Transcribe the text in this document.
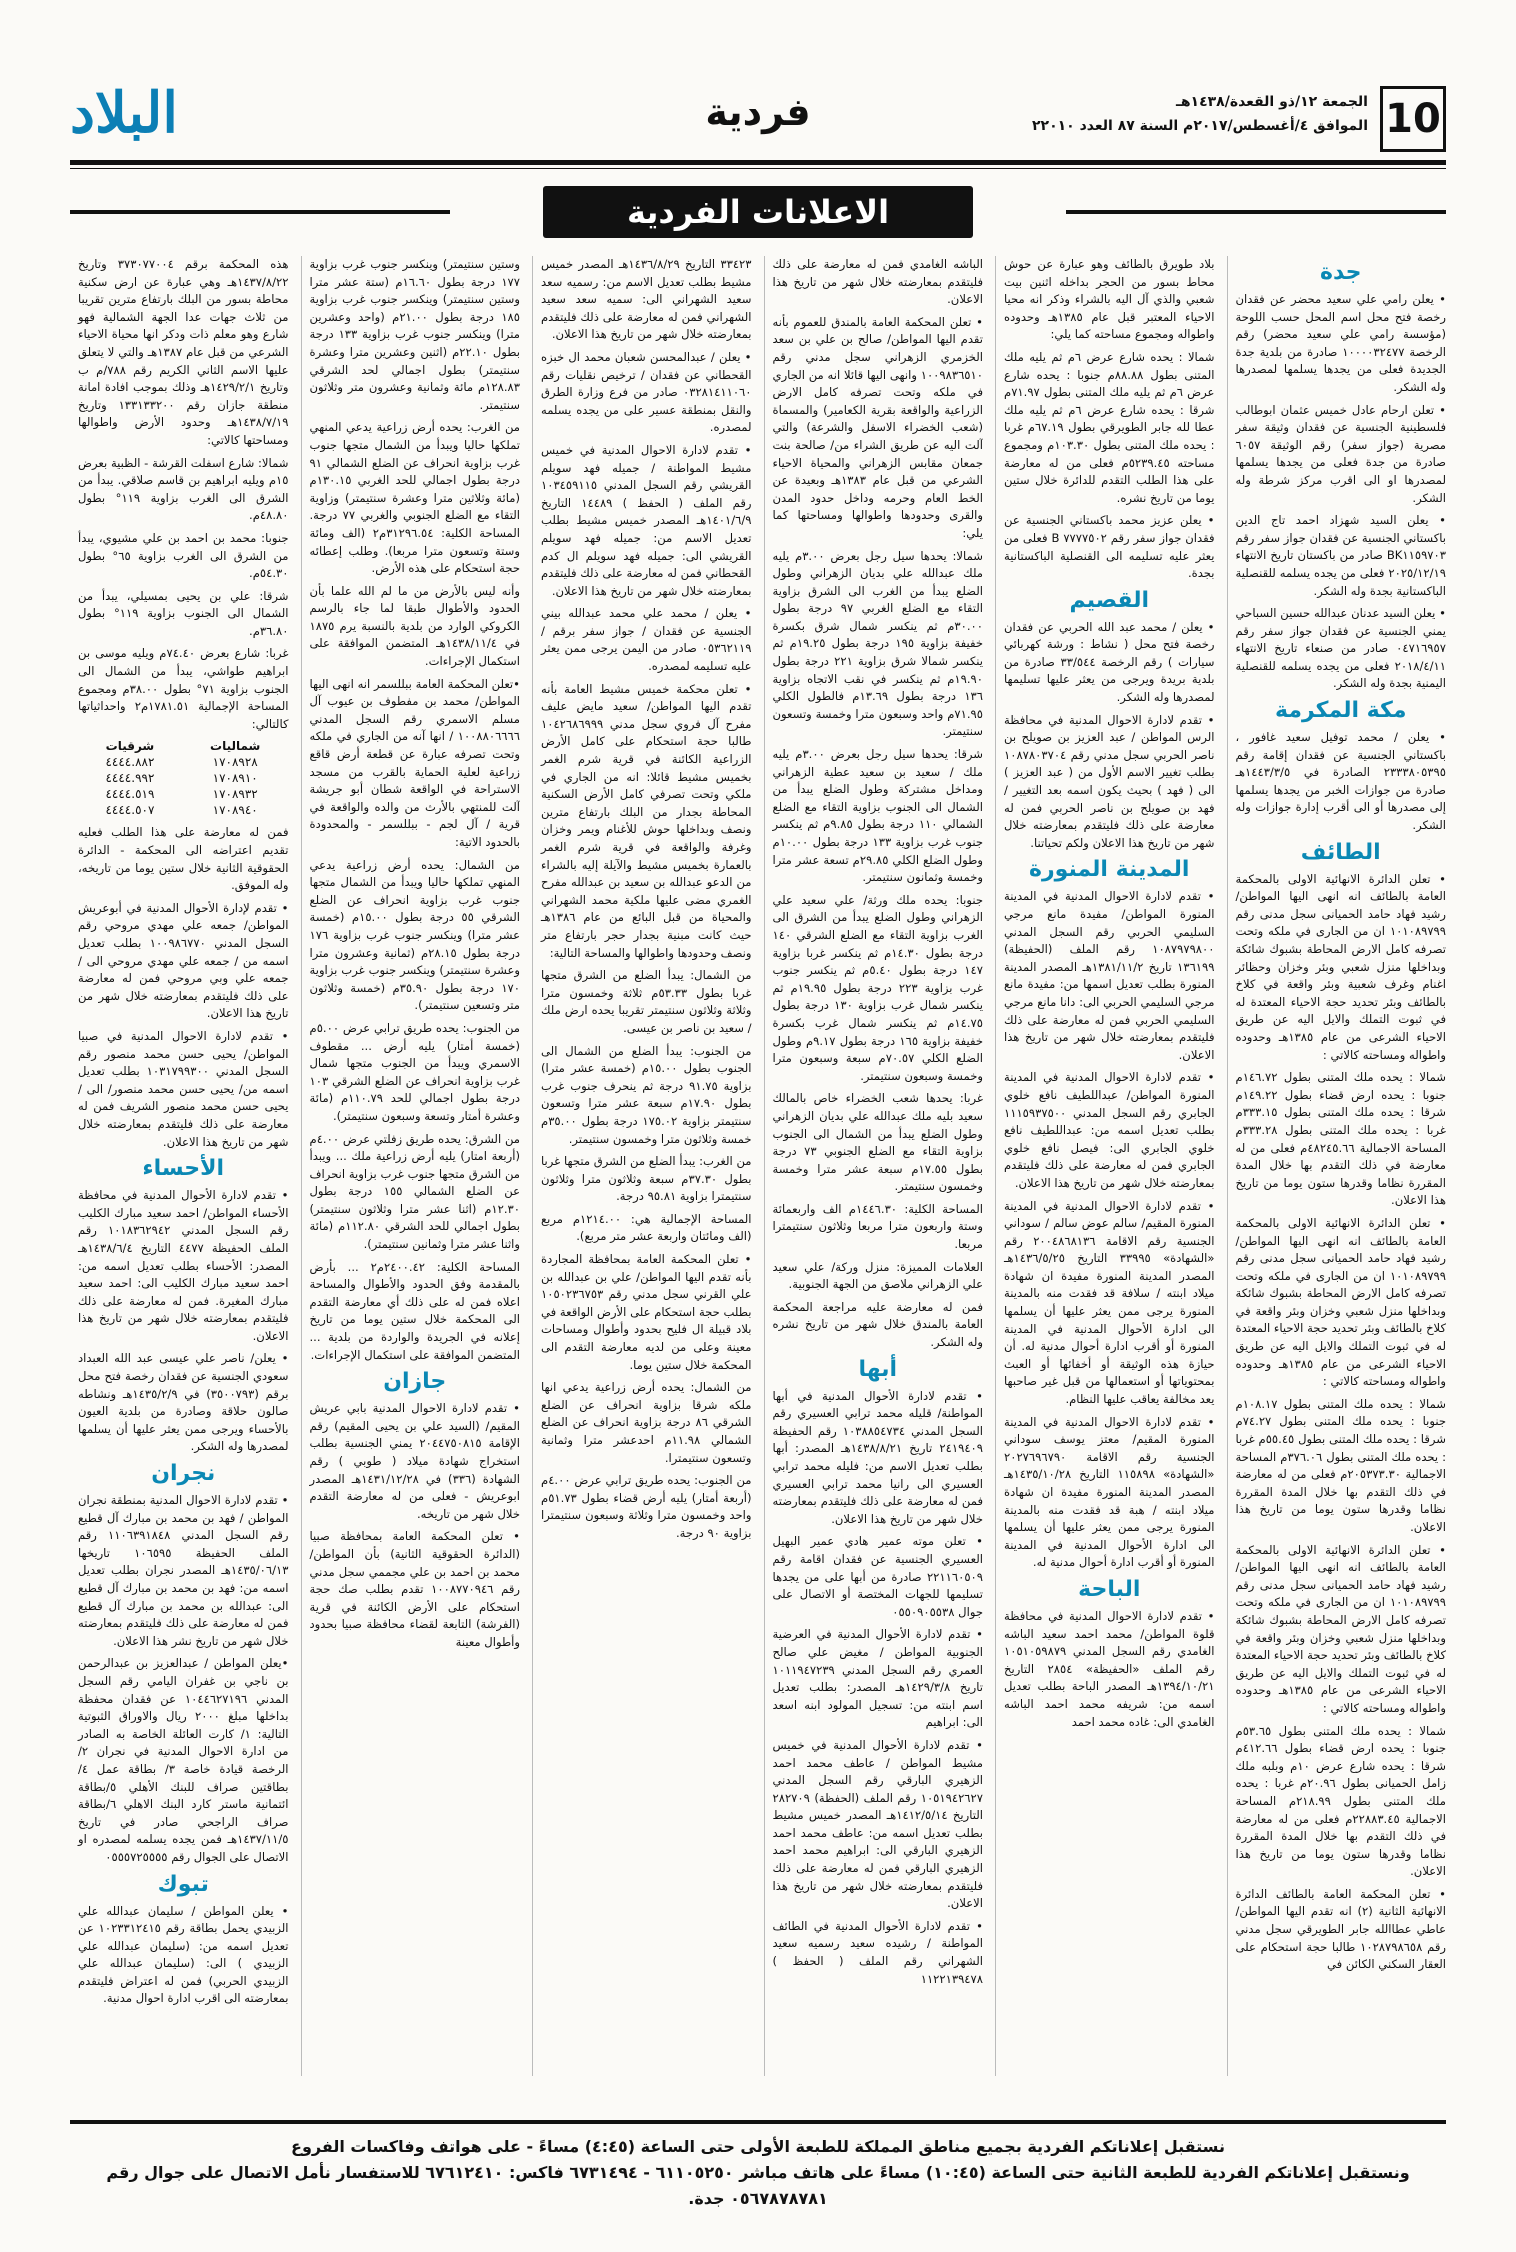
10
الجمعة ١٢/ذو القعدة/١٤٣٨هـ
الموافق ٤/أغسطس/٢٠١٧م السنة ٨٧ العدد ٢٢٠١٠
فردية
البلاد
الاعلانات الفردية
جدة
• يعلن رامي علي سعيد محضر عن فقدان رخصة فتح محل اسم المحل حسب اللوحة (مؤسسة رامي علي سعيد محضر) رقم الرخصة ١٠٠٠٠٣٢٤٧٧ صادرة من بلدية جدة الجديدة فعلى من يجدها يسلمها لمصدرها وله الشكر.
• تعلن ارحام عادل خميس عثمان ابوطالب فلسطينية الجنسية عن فقدان وثيقة سفر مصرية (جواز سفر) رقم الوثيقة ٦٠٥٧ صادرة من جدة فعلى من يجدها يسلمها لمصدرها او الى اقرب مركز شرطة وله الشكر.
• يعلن السيد شهزاد احمد تاج الدين باكستاني الجنسية عن فقدان جواز سفر رقم BK١١٥٩٧٠٣ صادر من باكستان تاريخ الانتهاء ٢٠٢٥/١٢/١٩ فعلى من يجده يسلمه للقنصلية الباكستانية بجدة وله الشكر.
• يعلن السيد عدنان عبدالله حسين السباحي يمني الجنسية عن فقدان جواز سفر رقم ٠٤٧١٦٩٥٧ صادر من صنعاء تاريخ الانتهاء ٢٠١٨/٤/١١ فعلى من يجده يسلمه للقنصلية اليمنية بجدة وله الشكر.
مكة المكرمة
• يعلن / محمد توفيل سعيد غافور ، باكستاني الجنسية عن فقدان إقامة رقم ٢٣٣٣٨٠٥٣٩٥ الصادرة في ١٤٤٣/٣/٥هـ صادرة من جوازات الخبر من يجدها يسلمها إلى مصدرها أو الى أقرب إدارة جوازات وله الشكر.
الطائف
• تعلن الدائرة الانهائية الاولى بالمحكمة العامة بالطائف انه انهى اليها المواطن/ رشيد فهاد حامد الحميانى سجل مدنى رقم ١٠١٠٨٩٧٩٩ ان من الجارى في ملكه وتحت تصرفه كامل الارض المحاطة بشبوك شائكة وبداخلها منزل شعبي وبئر وخزان وحظائر اغنام وغرف شعبية وبئر واقعة في كلاخ بالطائف وبئر تحديد حجة الاحياء المعتدة له في ثبوت التملك والايل اليه عن طريق الاحياء الشرعى من عام ١٣٨٥هـ وحدوده واطواله ومساحته كالاتي :
شمالا : يحده ملك المتنى بطول ١٤٦.٧٢م جنوبا : يحده ارض قضاء بطول ١٤٩.٢٢م شرقا : يحده ملك المتنى بطول ٣٣٣.١٥م غربا : يحده ملك المتنى بطول ٣٣٣.٢٨م المساحة الاجمالية ٤٨٢٤٥.٦٦م فعلى من له معارضة في ذلك التقدم بها خلال المدة المقررة نظاما وقدرها ستون يوما من تاريخ هذا الاعلان.
• تعلن الدائرة الانهائية الاولى بالمحكمة العامة بالطائف انه انهى اليها المواطن/ رشيد فهاد حامد الحميانى سجل مدنى رقم ١٠١٠٨٩٧٩٩ ان من الجارى في ملكه وتحت تصرفه كامل الارض المحاطة بشبوك شائكة وبداخلها منزل شعبي وخزان وبئر واقعة في كلاخ بالطائف وبئر تحديد حجة الاحياء المعتدة له في ثبوت التملك والايل اليه عن طريق الاحياء الشرعى من عام ١٣٨٥هـ وحدوده واطواله ومساحته كالاتي :
شمالا : يحده ملك المتنى بطول ١٠٨.١٧م جنوبا : يحده ملك المتنى بطول ٧٤.٢٧م شرقا : يحده ملك المتنى بطول ٥٥.٤٥م غربا : يحده ملك المتنى بطول ٣٧٦.٠٦م المساحة الاجمالية ٢٠٥٣٧٣.٣٠م فعلى من له معارضة في ذلك التقدم بها خلال المدة المقررة نظاما وقدرها ستون يوما من تاريخ هذا الاعلان.
• تعلن الدائرة الانهائية الاولى بالمحكمة العامة بالطائف انه انهى اليها المواطن/ رشيد فهاد حامد الحميانى سجل مدنى رقم ١٠١٠٨٩٧٩٩ ان من الجارى في ملكه وتحت تصرفه كامل الارض المحاطة بشبوك شائكة وبداخلها منزل شعبي وخزان وبئر واقعة في كلاخ بالطائف وبئر تحديد حجة الاحياء المعتدة له في ثبوت التملك والايل اليه عن طريق الاحياء الشرعى من عام ١٣٨٥هـ وحدوده واطواله ومساحته كالاتي :
شمالا : يحده ملك المتنى بطول ٥٣.٦٥م جنوبا : يحده ارض قضاء بطول ٤١٢.٦٦م شرقا : يحده شارع عرض ١٠م وبلبه ملك زامل الحميانى بطول ٢٠.٩٦م غربا : يحده ملك المتنى بطول ٢١٨.٩٩م المساحة الاجمالية ٢٢٨٨٣.٤٥م فعلى من له معارضة في ذلك التقدم بها خلال المدة المقررة نظاما وقدرها ستون يوما من تاريخ هذا الاعلان.
• تعلن المحكمة العامة بالطائف الدائرة الانهائية الثانية (٢) انه تقدم اليها المواطن/ عاطي عطاالله جابر الطويرقي سجل مدني رقم ١٠٢٨٧٩٨٦٥٨ طالبا حجة استحكام على العقار السكني الكائن في
بلاد طويرق بالطائف وهو عبارة عن حوش محاط بسور من الحجر بداخله اثنين بيت شعبي والذي آل اليه بالشراء وذكر انه محيا الاحياء المعتبر قبل عام ١٣٨٥هـ وحدوده واطواله ومجموع مساحته كما يلي:
شمالا : يحده شارع عرض ٦م ثم يليه ملك المتنى بطول ٨٨.٨٨م جنوبا : يحده شارع عرض ٦م ثم يليه ملك المتنى بطول ٧١.٩٧م شرقا : يحده شارع عرض ٦م ثم يليه ملك عطا لله جابر الطويرقي بطول ٦٧.١٩م غربا : يحده ملك المتنى بطول ١٠٣.٣٠م ومجموع مساحته ٥٢٣٩.٤٥م فعلى من له معارضة على هذا الطلب التقدم للدائرة خلال ستين يوما من تاريخ نشره.
• يعلن عزيز محمد باكستاني الجنسية عن فقدان جواز سفر رقم ٧٧٧٧٥٠٢ B فعلى من يعثر عليه تسليمه الى القنصلية الباكستانية بجدة.
القصيم
• يعلن / محمد عبد الله الحربي عن فقدان رخصة فتح محل ( نشاط : ورشة كهربائي سيارات ) رقم الرخصة ٣٣/٥٤٤ صادرة من بلدية بريدة ويرجى من يعثر عليها تسليمها لمصدرها وله الشكر.
• تقدم لادارة الاحوال المدنية في محافظة الرس المواطن / عبد العزيز بن صويلح بن ناصر الحربي سجل مدني رقم ١٠٨٧٨٠٣٧٠٤ بطلب تغيير الاسم الأول من ( عبد العزيز ) الى ( فهد ) بحيث يكون اسمه بعد التغيير / فهد بن صويلح بن ناصر الحربي فمن له معارضة على ذلك فليتقدم بمعارضته خلال شهر من تاريخ هذا الاعلان ولكم تحياتنا.
المدينة المنورة
• تقدم لادارة الاحوال المدنية في المدينة المنورة المواطن/ مفيدة مانع مرجي السليمي الحربي رقم السجل المدني ١٠٨٧٩٧٩٨٠٠ رقم الملف (الحفيظة) ١٣٦١٩٩ تاريخ ١٣٨١/١١/٢هـ المصدر المدينة المنورة بطلب تعديل اسمها من: مفيدة مانع مرجي السليمي الحربي الى: دانا مانع مرجي السليمي الحربي فمن له معارضة على ذلك فليتقدم بمعارضته خلال شهر من تاريخ هذا الاعلان.
• تقدم لادارة الاحوال المدنية في المدينة المنورة المواطن/ عبداللطيف نافع خلوي الجابري رقم السجل المدني ١١١٥٩٣٧٥٠٠ بطلب تعديل اسمه من: عبداللطيف نافع خلوي الجابري الى: فيصل نافع خلوي الجابري فمن له معارضة على ذلك فليتقدم بمعارضته خلال شهر من تاريخ هذا الاعلان.
• تقدم لادارة الاحوال المدنية في المدينة المنورة المقيم/ سالم عوض سالم / سوداني الجنسية رقم الاقامة ٢٠٠٤٨٦٨١٣٦ رقم «الشهادة» ٣٣٩٩٥ التاريخ ١٤٣٦/٥/٢٥هـ المصدر المدينة المنورة مفيدة ان شهادة ميلاد ابنته / سلافة قد فقدت منه بالمدينة المنورة يرجى ممن يعثر عليها أن يسلمها الى ادارة الأحوال المدنية في المدينة المنورة أو أقرب ادارة أحوال مدنية له. أن حيازة هذه الوثيقة أو أخفائها أو العبث بمحتوياتها أو استعمالها من قبل غير صاحبها يعد مخالفة يعاقب عليها النظام.
• تقدم لادارة الاحوال المدنية في المدينة المنورة المقيم/ معتز يوسف سوداني الجنسية رقم الاقامة ٢٠٢٧٦٩٦٧٩٠ «الشهادة» ١١٥٨٩٨ التاريخ ١٤٣٥/١٠/٢٨هـ المصدر المدينة المنورة مفيدة ان شهادة ميلاد ابنته / هبة قد فقدت منه بالمدينة المنورة يرجى ممن يعثر عليها أن يسلمها الى ادارة الأحوال المدنية في المدينة المنورة أو أقرب ادارة أحوال مدنية له.
الباحة
• تقدم لادارة الاحوال المدنية في محافظة قلوة المواطن/ محمد احمد سعيد الباشه الغامدي رقم السجل المدني ١٠٥١٠٥٩٨٧٩ رقم الملف «الحفيظة» ٢٨٥٤ التاريخ ١٣٩٤/١٠/٢١هـ المصدر الباحة بطلب تعديل اسمه من: شريفه محمد احمد الباشه الغامدي الى: غاده محمد احمد
الباشه الغامدي فمن له معارضة على ذلك فليتقدم بمعارضته خلال شهر من تاريخ هذا الاعلان.
• تعلن المحكمة العامة بالمندق للعموم بأنه تقدم اليها المواطن/ صالح بن علي بن سعد الخزمري الزهراني سجل مدني رقم ١٠٠٩٨٣٦٥١٠ وانهى اليها قائلا انه من الجاري في ملكه وتحت تصرفه كامل الارض الزراعية والواقعة بقرية الكعامير) والمسماة (شعب الخضراء الاسفل والشرعة) والتي آلت اليه عن طريق الشراء من/ صالحة بنت جمعان مقابس الزهراني والمحياة الاحياء الشرعي من قبل عام ١٣٨٣هـ وبعيدة عن الخط العام وحرمه وداخل حدود المدن والقرى وحدودها واطوالها ومساحتها كما يلي:
شمالا: يحدها سيل رجل بعرض ٣.٠٠م يليه ملك عبدالله علي بديان الزهراني وطول الضلع يبدأ من الغرب الى الشرق بزاوية التقاء مع الضلع الغربي ٩٧ درجة بطول ٣٠.٠٠م ثم ينكسر شمال شرق بكسرة خفيفة بزاوية ١٩٥ درجة بطول ١٩.٢٥م ثم ينكسر شمالا شرق بزاوية ٢٢١ درجة بطول ١٩.٩٠م ثم ينكسر في نقب الاتجاه بزاوية ١٣٦ درجة بطول ١٣.٦٩م فالطول الكلي ٧١.٩٥م واحد وسبعون مترا وخمسة وتسعون سنتيمتر.
شرقا: يحدها سيل رجل بعرض ٣.٠٠م يليه ملك / سعيد بن سعيد عطية الزهراني ومداخل مشتركة وطول الضلع يبدأ من الشمال الى الجنوب بزاوية التقاء مع الضلع الشمالي ١١٠ درجة بطول ٩.٨٥م ثم ينكسر جنوب غرب بزاوية ١٣٣ درجة بطول ١٠.٠٠م وطول الضلع الكلي ٢٩.٨٥م تسعة عشر مترا وخمسة وثمانون سنتيمتر.
جنوبا: يحده ملك ورثة/ علي سعيد علي الزهراني وطول الضلع يبدأ من الشرق الى الغرب بزاوية التقاء مع الضلع الشرقي ١٤٠ درجة بطول ١٤.٣٠م ثم ينكسر غربا بزاوية ١٤٧ درجة بطول ٥.٤٠م ثم ينكسر جنوب غرب بزاوية ٢٢٣ درجة بطول ١٩.٩٥م ثم ينكسر شمال غرب بزاوية ١٣٠ درجة بطول ١٤.٧٥م ثم ينكسر شمال غرب بكسرة خفيفة بزاوية ١٦٥ درجة بطول ٩.١٧م وطول الضلع الكلي ٧٠.٥٧م سبعة وسبعون مترا وخمسة وسبعون سنتيمتر.
غربا: يحدها شعب الخضراء خاص بالمالك سعيد بليه ملك عبدالله علي بديان الزهراني وطول الضلع يبدأ من الشمال الى الجنوب بزاوية التقاء مع الضلع الجنوبي ٧٣ درجة بطول ١٧.٥٥م سبعة عشر مترا وخمسة وخمسون سنتيمتر.
المساحة الكلية: ١٤٤٦.٣٠م الف واربعمائة وستة واربعون مترا مربعا وثلاثون سنتيمترا مربعا.
العلامات المميزة: منزل وركة/ علي سعيد علي الزهراني ملاصق من الجهة الجنوبية.
فمن له معارضة عليه مراجعة المحكمة العامة بالمندق خلال شهر من تاريخ نشره وله الشكر.
أبها
• تقدم لادارة الأحوال المدنية في أبها المواطنة/ قليله محمد ترابي العسيري رقم السجل المدني ١٠٣٨٨٥٤٧٣٤ رقم الحفيظة ٢٤١٩٤٠٩ تاريخ ١٤٣٨/٨/٢١هـ المصدر: أبها بطلب تعديل الاسم من: فليله محمد ترابي العسيري الى رانيا محمد ترابي العسيري فمن له معارضة على ذلك فليتقدم بمعارضته خلال شهر من تاريخ هذا الاعلان.
• تعلن موته عمير هادي عمير البهيل العسيري الجنسية عن فقدان اقامة رقم ٢٢١١٦٠٥٠٩ صادرة من أبها على من يجدها تسليمها للجهات المختصة أو الاتصال على جوال ٠٥٥٠٩٠٥٥٣٨
• تقدم لادارة الأحوال المدنية في العرضية الجنوبية المواطن / مغيض علي صالح العمري رقم السجل المدني ١٠١١٩٤٧٢٣٩ تاريخ ١٤٢٩/٣/٨هـ المصدر: بطلب تعديل اسم ابنته من: تسجيل المولود ابنه اسعد الى: ابراهيم
• تقدم لادارة الأحوال المدنية في خميس مشيط المواطن / عاطف محمد احمد الزهيري البارقي رقم السجل المدني ١٠٥١٩٤٢٦٢٧ رقم الملف (الحفظة) ٢٨٢٧٠٩ التاريخ ١٤١٢/٥/١٤هـ المصدر خميس مشيط بطلب تعديل اسمه من: عاطف محمد احمد الزهيري البارقي الى: ابراهيم محمد احمد الزهيري البارقي فمن له معارضة على ذلك فليتقدم بمعارضته خلال شهر من تاريخ هذا الاعلان.
• تقدم لادارة الأحوال المدنية في الطائف المواطنة / رشيده سعيد رسميه سعيد الشهراني رقم الملف ( الحفظ ) ١١٢٢١٣٩٤٧٨
٣٣٤٢٣ التاريخ ١٤٣٦/٨/٢٩هـ المصدر خميس مشيط بطلب تعديل الاسم من: رسميه سعد سعيد الشهراني الى: سميه سعد سعيد الشهراني فمن له معارضة على ذلك فليتقدم بمعارضته خلال شهر من تاريخ هذا الاعلان.
• يعلن / عبدالمحسن شعبان محمد ال خبزه القحطاني عن فقدان / ترخيص نقليات رقم ٠٣٢٨١٤١١٠٦٠ صادر من فرع وزارة الطرق والنقل بمنطقة عسير على من يجده يسلمه لمصدره.
• تقدم لادارة الاحوال المدنية في خميس مشيط المواطنة / جميله فهد سويلم القريشي رقم السجل المدني ١٠٣٤٥٩١١٥ رقم الملف ( الحفظ ) ١٤٤٨٩ التاريخ ١٤٠١/٦/٩هـ المصدر خميس مشيط بطلب تعديل الاسم من: جميله فهد سويلم القريشي الى: جميله فهد سويلم ال كدم القحطاني فمن له معارضة على ذلك فليتقدم بمعارضته خلال شهر من تاريخ هذا الاعلان.
• يعلن / محمد علي محمد عبدالله بيني الجنسية عن فقدان / جواز سفر برقم / ٠٥٣٦٢١١٩ صادر من اليمن يرجى ممن يعثر عليه تسليمه لمصدره.
• تعلن محكمة خميس مشيط العامة بأنه تقدم اليها المواطن/ سعيد مايض عليف مفرح آل فروي سجل مدني ١٠٤٢٦٨٦٩٩٩ طالبا حجة استحكام على كامل الأرض الزراعية الكائنة في قرية شرم الغمر بخميس مشيط قائلا: انه من الجاري في ملكي وتحت تصرفي كامل الأرض السكنية المحاطة بجدار من البلك بارتفاع مترين ونصف وبداخلها حوش للأغنام ويمر وخزان وغرفة والواقعة في قرية شرم الغمر بالعمارة بخميس مشيط والآيلة إليه بالشراء من الدعو عبدالله بن سعيد بن عبدالله مفرح الغمري مضى عليها ملكية محمد الشهراني والمحياة من قبل البائع من عام ١٣٨٦هـ حيث كانت مبنية بجدار حجر بارتفاع متر ونصف وحدودها واطوالها والمساحة التالية:
من الشمال: يبدأ الضلع من الشرق متجها غربا بطول ٥٣.٣٣م ثلاثة وخمسون مترا وثلاثة وثلاثون سنتيمتر تقريبا يحده ارض ملك / سعيد بن ناصر بن عيسى.
من الجنوب: يبدأ الضلع من الشمال الى الجنوب بطول ١٥.٠٠م (خمسة عشر مترا) بزاوية ٩١.٧٥ درجة ثم ينحرف جنوب غرب بطول ١٧.٩٠م سبعة عشر مترا وتسعون سنتيمتر بزاوية ١٧٥.٠٢ درجة بطول ٣٥.٠٠م خمسة وثلاثون مترا وخمسون سنتيمتر.
من الغرب: يبدأ الضلع من الشرق متجها غربا بطول ٣٧.٣٠م سبعة وثلاثون مترا وثلاثون سنتيمترا بزاوية ٩٥.٨١ درجة.
المساحة الإجمالية هي: ١٢١٤.٠٠م مربع (الف ومائتان واربعة عشر متر مربع).
• تعلن المحكمة العامة بمحافظة المجاردة بأنه تقدم اليها المواطن/ علي بن عبدالله بن علي القرني سجل مدني رقم ١٠٥٠٢٣٦٧٥٣ بطلب حجة استحكام على الأرض الواقعة في بلاد قبيلة ال فليح بحدود وأطوال ومساحات معينة وعلى من لديه معارضة التقدم الى المحكمة خلال ستين يوما.
من الشمال: يحده أرض زراعية يدعي انها ملكه شرقا بزاوية انحراف عن الضلع الشرقي ٨٦ درجة بزاوية انحراف عن الضلع الشمالي ١١.٩٨م احدعشر مترا وثمانية وتسعون سنتيمترا.
من الجنوب: يحده طريق ترابي عرض ٤.٠٠م (أربعة أمتار) يليه أرض قضاء بطول ٥١.٧٣م واحد وخمسون مترا وثلاثة وسبعون سنتيمترا بزاوية ٩٠ درجة.
وستين سنتيمتر) وينكسر جنوب غرب بزاوية ١٧٧ درجة بطول ١٦.٦٠م (ستة عشر مترا وستين سنتيمتر) وينكسر جنوب غرب بزاوية ١٨٥ درجة بطول ٢١.٠٠م (واحد وعشرين مترا) وينكسر جنوب غرب بزاوية ١٣٣ درجة بطول ٢٢.١٠م (اثنين وعشرين مترا وعشرة سنتيمتر) بطول اجمالي لحد الشرقي ١٢٨.٨٣م مائة وثمانية وعشرون متر وثلاثون سنتيمتر.
من الغرب: يحده أرض زراعية يدعي المنهي تملكها حاليا ويبدأ من الشمال متجها جنوب غرب بزاوية انحراف عن الضلع الشمالي ٩١ درجة بطول اجمالي للحد الغربي ١٣٠.١٥م (مائة وثلاثين مترا وعشرة سنتيمتر) وزاوية التقاء مع الضلع الجنوبي والغربي ٧٧ درجة. المساحة الكلية: ٣١٢٩٦.٥٤م٢ (الف ومائة وستة وتسعون مترا مربعا). وطلب إعطائه حجة استحكام على هذه الأرض.
وأنه ليس بالأرض من ما لم الله علما بأن الحدود والأطوال طبقا لما جاء بالرسم الكروكي الوارد من بلدية بالنسبة يرم ١٨٧٥ في ١٤٣٨/١١/٤هـ المتضمن الموافقة على استكمال الإجراءات.
•تعلن المحكمة العامة ببللسمر انه انهى اليها المواطن/ محمد بن مفطوف بن عيوب آل مسلم الاسمري رقم السجل المدني ١٠٠٨٨٠٦٦٦٦ / انها آنه من الجاري في ملكه وتحت تصرفه عبارة عن قطعة أرض قاقع زراعية لعلية الحماية بالقرب من مسجد الاستراحة في الواقعة شطان أبو جريشة آلت للمنتهي بالأرث من والده والواقعة في قرية / آل لجم - ببللسمر - والمحدودة بالحدود الاتية:
من الشمال: يحده أرض زراعية يدعي المنهي تملكها حاليا ويبدأ من الشمال متجها جنوب غرب بزاوية انحراف عن الضلع الشرقي ٥٥ درجة بطول ١٥.٠٠م (خمسة عشر مترا) وينكسر جنوب غرب بزاوية ١٧٦ درجة بطول ٢٨.١٥م (ثمانية وعشرون مترا وعشرة سنتيمتر) وينكسر جنوب غرب بزاوية ١٧٠ درجة بطول ٣٥.٩٠م (خمسة وثلاثون متر وتسعين سنتيمتر).
من الجنوب: يحده طريق ترابي عرض ٥.٠٠م (خمسة أمتار) يليه أرض ... مقطوف الاسمري ويبدأ من الجنوب متجها شمال غرب بزاوية انحراف عن الضلع الشرقي ١٠٣ درجة بطول اجمالي للحد ١١٠.٧٩م (مائة وعشرة أمتار وتسعة وسبعون سنتيمتر).
من الشرق: يحده طريق زفلتي عرض ٤.٠٠م (أربعة امتار) يليه أرض زراعية ملك ... ويبدأ من الشرق متجها جنوب غرب بزاوية انحراف عن الضلع الشمالي ١٥٥ درجة بطول ١٢.٣٠م (اثنا عشر مترا وثلاثون سنتيمتر) بطول اجمالي للحد الشرقي ١١٢.٨٠م (مائة واثنا عشر مترا وثمانين سنتيمتر).
المساحة الكلية: ٢٤٠٠.٤٢م٢ ... بأرض بالمقدمة وفق الحدود والأطوال والمساحة اعلاه فمن له على ذلك أي معارضة التقدم الى المحكمة خلال ستين يوما من تاريخ إعلانه في الجريدة والواردة من بلدية ... المتضمن الموافقة على استكمال الإجراءات.
جازان
• تقدم لادارة الاحوال المدنية بابي عريش المقيم/ (السيد علي بن يحيى المقيم) رقم الإقامة ٢٠٤٤٧٥٠٨١٥ يمني الجنسية بطلب استخراج شهادة ميلاد ( طوبي ) رقم الشهادة (٣٣٦) في ١٤٣١/١٢/٢٨هـ المصدر ابوعريش - فعلى من له معارضة التقدم خلال شهر من تاريخه.
• تعلن المحكمة العامة بمحافظة صبيا (الدائرة الحقوقية الثانية) بأن المواطن/ محمد بن احمد بن علي مجممي سجل مدني رقم ١٠٠٨٧٧٠٩٤٦ تقدم بطلب صك حجة استحكام على الأرض الكائنة في قرية (الفرشة) التابعة لقضاء محافظة صبيا بحدود وأطوال معينة
هذه المحكمة برقم ٣٧٣٠٧٧٠٠٤ وتاريخ ١٤٣٧/٨/٢٢هـ وهي عبارة عن ارض سكنية محاطة بسور من البلك بارتفاع مترين تقريبا من ثلاث جهات عدا الجهة الشمالية فهو شارع وهو معلم ذات ودكر انها محياة الاحياء الشرعي من قبل عام ١٣٨٧هـ والتي لا يتعلق عليها الاسم الثاني الكريم رقم ٧٨٨/م ب وتاريخ ١٤٢٩/٢/١هـ وذلك بموجب افادة امانة منطقة جازان رقم ١٣٣١٣٣٢٠٠ وتاريخ ١٤٣٨/٧/١٩هـ وحدود الأرض واطوالها ومساحتها كالاتي:
شمالا: شارع اسفلت القرشة - الظبية بعرض ١٥م ويليه ابراهيم بن قاسم صلاقي. يبدأ من الشرق الى الغرب بزاوية ١١٩° بطول ٤٨.٨٠م.
جنوبا: محمد بن احمد بن علي مشيوي، يبدأ من الشرق الى الغرب بزاوية ٦٥° بطول ٥٤.٣٠م.
شرقا: علي بن يحيى بمسيلي، يبدأ من الشمال الى الجنوب بزاوية ١١٩° بطول ٣٦.٨٠م.
غربا: شارع بعرض ٧٤.٤٠م ويليه موسى بن ابراهيم طواشي، يبدأ من الشمال الى الجنوب بزاوية ٧١° بطول ٣٨.٠٠م ومجموع المساحة الإجمالية ١٧٨١.٥١م٢ واحداثياتها كالتالي:
شماليات	شرقيات
١٧٠٨٩٢٨	٤٤٤٤.٨٨٢
١٧٠٨٩١٠	٤٤٤٤.٩٩٢
١٧٠٨٩٣٢	٤٤٤٤.٥١٩
١٧٠٨٩٤٠	٤٤٤٤.٥٠٧
فمن له معارضة على هذا الطلب فعليه تقديم اعتراضه الى المحكمة - الدائرة الحقوقية الثانية خلال ستين يوما من تاريخه، وله الموفق.
• تقدم لإدارة الأحوال المدنية في أبوعريش المواطن/ جمعه علي مهدي مروحي رقم السجل المدني ١٠٠٩٨٦٧٧٠ بطلب تعديل اسمه من / جمعه علي مهدي مروحي الى / جمعه علي وبي مروحي فمن له معارضة على ذلك فليتقدم بمعارضته خلال شهر من تاريخ هذا الاعلان.
• تقدم لادارة الاحوال المدنية في صبيا المواطن/ يحيى حسن محمد منصور رقم السجل المدني ١٠٣١٧٩٩٣٠٠ بطلب تعديل اسمه من/ يحيى حسن محمد منصور/ الى / يحيى حسن محمد منصور الشريف فمن له معارضة على ذلك فليتقدم بمعارضته خلال شهر من تاريخ هذا الاعلان.
الأحساء
• تقدم لادارة الأحوال المدنية في محافظة الأحساء المواطن/ احمد سعيد مبارك الكليب رقم السجل المدني ١٠١٨٣٦٢٩٤٢ رقم الملف الحفيظة ٤٤٧٧ التاريخ ١٤٣٨/٦/٤هـ المصدر: الأحساء بطلب تعديل اسمه من: احمد سعيد مبارك الكليب الى: احمد سعيد مبارك المغيرة. فمن له معارضة على ذلك فليتقدم بمعارضته خلال شهر من تاريخ هذا الاعلان.
• يعلن/ ناصر علي عيسى عبد الله العبداد سعودي الجنسية عن فقدان رخصة فتح محل برقم (٣٥٠٠٧٩٣) في ١٤٣٥/٢/٩هـ ونشاطه صالون حلاقة وصادرة من بلدية العيون بالأحساء ويرجى ممن يعثر عليها أن يسلمها لمصدرها وله الشكر.
نجران
• تقدم لادارة الاحوال المدنية بمنطقة نجران المواطن / فهد بن محمد بن مبارك آل قطيع رقم السجل المدني ١١٠٦٣٩١٨٤٨ رقم الملف الحفيظة ١٠٦٥٩٥ تاريخها ١٤٣٥/٠٦/١٣هـ المصدر نجران بطلب تعديل اسمه من: فهد بن محمد بن مبارك آل قطيع الى: عبدالله بن محمد بن مبارك آل قطيع فمن له معارضة على ذلك فليتقدم بمعارضته خلال شهر من تاريخ نشر هذا الاعلان.
•يعلن المواطن / عبدالعزيز بن عبدالرحمن بن ناجي بن غفران اليامي رقم السجل المدني ١٠٤٤٦٢٧١٩٦ عن فقدان محفظة بداخلها مبلغ ٢٠٠٠ ريال والاوراق الثبوتية التالية: ١/ كارت العائلة الخاصة به الصادر من ادارة الاحوال المدنية في نجران ٢/ الرخصة قيادة خاصة ٣/ بطاقة عمل ٤/بطاقتين صراف للبنك الأهلي ٥/بطاقة ائتمانية ماستر كارد البنك الاهلي ٦/بطاقة صراف الراجحي صادر في تاريخ ١٤٣٧/١١/٥هـ فمن يجده يسلمه لمصدره او الاتصال على الجوال رقم ٠٥٥٥٧٢٥٥٥٥
تبوك
• يعلن المواطن / سليمان عبدالله علي الزبيدي يحمل بطاقة رقم ١٠٢٣٣١٢٤١٥ عن تعديل اسمه من: (سليمان عبدالله علي الزبيدي ) الى: (سليمان عبدالله علي الزبيدي الحربي) فمن له اعتراض فليتقدم بمعارضته الى اقرب ادارة احوال مدنية.

نستقبل إعلاناتكم الفردية بجميع مناطق المملكة للطبعة الأولى حتى الساعة (٤:٤٥) مساءً - على هواتف وفاكسات الفروع

ونستقبل إعلاناتكم الفردية للطبعة الثانية حتى الساعة (١٠:٤٥) مساءً على هاتف مباشر ٦١١٠٥٢٥٠ - ٦٧٣١٤٩٤ فاكس: ٦٧٦١٢٤١٠ للاستفسار نأمل الاتصال على جوال رقم ٠٥٦٧٨٧٨٧٨١ جدة.
